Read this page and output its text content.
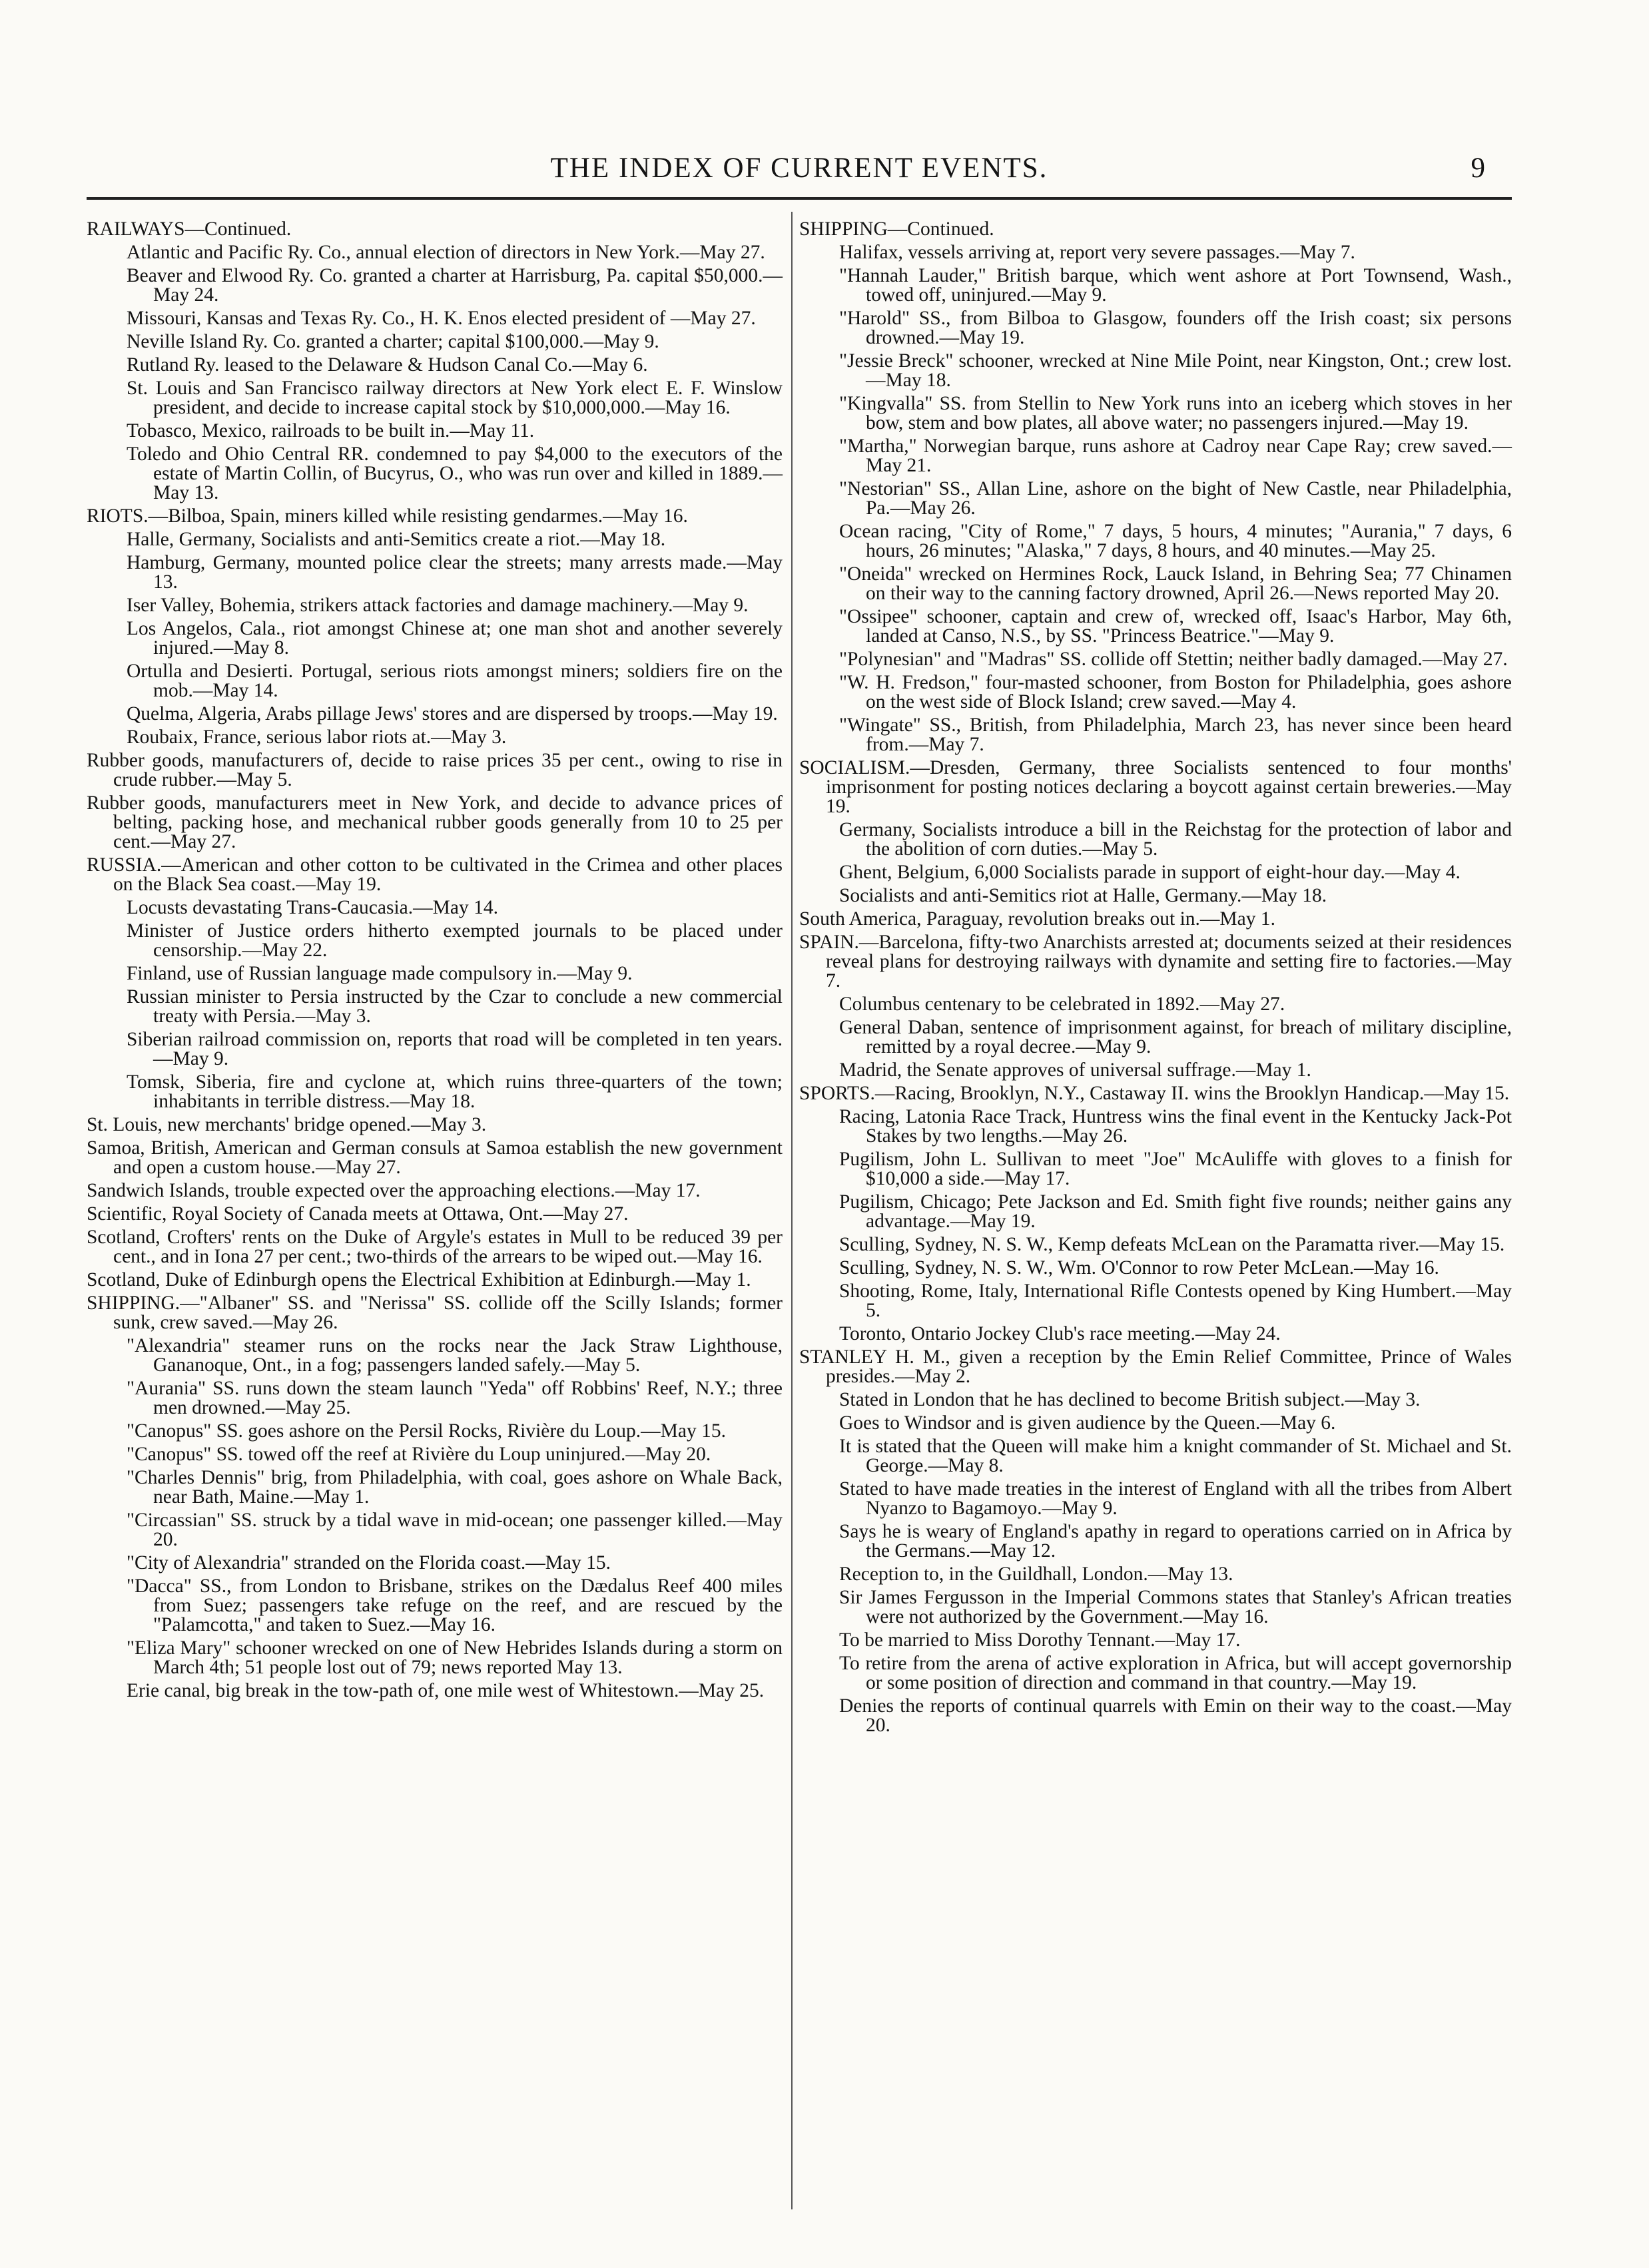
THE INDEX OF CURRENT EVENTS.	9
RAILWAYS—Continued.
Atlantic and Pacific Ry. Co., annual election of directors in New York.—May 27.
Beaver and Elwood Ry. Co. granted a charter at Harrisburg, Pa. capital $50,000.—May 24.
Missouri, Kansas and Texas Ry. Co., H. K. Enos elected president of —May 27.
Neville Island Ry. Co. granted a charter; capital $100,000.—May 9.
Rutland Ry. leased to the Delaware & Hudson Canal Co.—May 6.
St. Louis and San Francisco railway directors at New York elect E. F. Winslow president, and decide to increase capital stock by $10,000,000.—May 16.
Tobasco, Mexico, railroads to be built in.—May 11.
Toledo and Ohio Central RR. condemned to pay $4,000 to the executors of the estate of Martin Collin, of Bucyrus, O., who was run over and killed in 1889.—May 13.
RIOTS.—Bilboa, Spain, miners killed while resisting gendarmes.—May 16.
Halle, Germany, Socialists and anti-Semitics create a riot.—May 18.
Hamburg, Germany, mounted police clear the streets; many arrests made.—May 13.
Iser Valley, Bohemia, strikers attack factories and damage machinery.—May 9.
Los Angelos, Cala., riot amongst Chinese at; one man shot and another severely injured.—May 8.
Ortulla and Desierti. Portugal, serious riots amongst miners; soldiers fire on the mob.—May 14.
Quelma, Algeria, Arabs pillage Jews' stores and are dispersed by troops.—May 19.
Roubaix, France, serious labor riots at.—May 3.
Rubber goods, manufacturers of, decide to raise prices 35 per cent., owing to rise in crude rubber.—May 5.
Rubber goods, manufacturers meet in New York, and decide to advance prices of belting, packing hose, and mechanical rubber goods generally from 10 to 25 per cent.—May 27.
RUSSIA.—American and other cotton to be cultivated in the Crimea and other places on the Black Sea coast.—May 19.
Locusts devastating Trans-Caucasia.—May 14.
Minister of Justice orders hitherto exempted journals to be placed under censorship.—May 22.
Finland, use of Russian language made compulsory in.—May 9.
Russian minister to Persia instructed by the Czar to conclude a new commercial treaty with Persia.—May 3.
Siberian railroad commission on, reports that road will be completed in ten years.—May 9.
Tomsk, Siberia, fire and cyclone at, which ruins three-quarters of the town; inhabitants in terrible distress.—May 18.
St. Louis, new merchants' bridge opened.—May 3.
Samoa, British, American and German consuls at Samoa establish the new government and open a custom house.—May 27.
Sandwich Islands, trouble expected over the approaching elections.—May 17.
Scientific, Royal Society of Canada meets at Ottawa, Ont.—May 27.
Scotland, Crofters' rents on the Duke of Argyle's estates in Mull to be reduced 39 per cent., and in Iona 27 per cent.; two-thirds of the arrears to be wiped out.—May 16.
Scotland, Duke of Edinburgh opens the Electrical Exhibition at Edinburgh.—May 1.
SHIPPING.—"Albaner" SS. and "Nerissa" SS. collide off the Scilly Islands; former sunk, crew saved.—May 26.
"Alexandria" steamer runs on the rocks near the Jack Straw Lighthouse, Gananoque, Ont., in a fog; passengers landed safely.—May 5.
"Aurania" SS. runs down the steam launch "Yeda" off Robbins' Reef, N.Y.; three men drowned.—May 25.
"Canopus" SS. goes ashore on the Persil Rocks, Rivière du Loup.—May 15.
"Canopus" SS. towed off the reef at Rivière du Loup uninjured.—May 20.
"Charles Dennis" brig, from Philadelphia, with coal, goes ashore on Whale Back, near Bath, Maine.—May 1.
"Circassian" SS. struck by a tidal wave in mid-ocean; one passenger killed.—May 20.
"City of Alexandria" stranded on the Florida coast.—May 15.
"Dacca" SS., from London to Brisbane, strikes on the Dædalus Reef 400 miles from Suez; passengers take refuge on the reef, and are rescued by the "Palamcotta," and taken to Suez.—May 16.
"Eliza Mary" schooner wrecked on one of New Hebrides Islands during a storm on March 4th; 51 people lost out of 79; news reported May 13.
Erie canal, big break in the tow-path of, one mile west of Whitestown.—May 25.
SHIPPING—Continued.
Halifax, vessels arriving at, report very severe passages.—May 7.
"Hannah Lauder," British barque, which went ashore at Port Townsend, Wash., towed off, uninjured.—May 9.
"Harold" SS., from Bilboa to Glasgow, founders off the Irish coast; six persons drowned.—May 19.
"Jessie Breck" schooner, wrecked at Nine Mile Point, near Kingston, Ont.; crew lost.—May 18.
"Kingvalla" SS. from Stellin to New York runs into an iceberg which stoves in her bow, stem and bow plates, all above water; no passengers injured.—May 19.
"Martha," Norwegian barque, runs ashore at Cadroy near Cape Ray; crew saved.—May 21.
"Nestorian" SS., Allan Line, ashore on the bight of New Castle, near Philadelphia, Pa.—May 26.
Ocean racing, "City of Rome," 7 days, 5 hours, 4 minutes; "Aurania," 7 days, 6 hours, 26 minutes; "Alaska," 7 days, 8 hours, and 40 minutes.—May 25.
"Oneida" wrecked on Hermines Rock, Lauck Island, in Behring Sea; 77 Chinamen on their way to the canning factory drowned, April 26.—News reported May 20.
"Ossipee" schooner, captain and crew of, wrecked off, Isaac's Harbor, May 6th, landed at Canso, N.S., by SS. "Princess Beatrice."—May 9.
"Polynesian" and "Madras" SS. collide off Stettin; neither badly damaged.—May 27.
"W. H. Fredson," four-masted schooner, from Boston for Philadelphia, goes ashore on the west side of Block Island; crew saved.—May 4.
"Wingate" SS., British, from Philadelphia, March 23, has never since been heard from.—May 7.
SOCIALISM.—Dresden, Germany, three Socialists sentenced to four months' imprisonment for posting notices declaring a boycott against certain breweries.—May 19.
Germany, Socialists introduce a bill in the Reichstag for the protection of labor and the abolition of corn duties.—May 5.
Ghent, Belgium, 6,000 Socialists parade in support of eight-hour day.—May 4.
Socialists and anti-Semitics riot at Halle, Germany.—May 18.
South America, Paraguay, revolution breaks out in.—May 1.
SPAIN.—Barcelona, fifty-two Anarchists arrested at; documents seized at their residences reveal plans for destroying railways with dynamite and setting fire to factories.—May 7.
Columbus centenary to be celebrated in 1892.—May 27.
General Daban, sentence of imprisonment against, for breach of military discipline, remitted by a royal decree.—May 9.
Madrid, the Senate approves of universal suffrage.—May 1.
SPORTS.—Racing, Brooklyn, N.Y., Castaway II. wins the Brooklyn Handicap.—May 15.
Racing, Latonia Race Track, Huntress wins the final event in the Kentucky Jack-Pot Stakes by two lengths.—May 26.
Pugilism, John L. Sullivan to meet "Joe" McAuliffe with gloves to a finish for $10,000 a side.—May 17.
Pugilism, Chicago; Pete Jackson and Ed. Smith fight five rounds; neither gains any advantage.—May 19.
Sculling, Sydney, N. S. W., Kemp defeats McLean on the Paramatta river.—May 15.
Sculling, Sydney, N. S. W., Wm. O'Connor to row Peter McLean.—May 16.
Shooting, Rome, Italy, International Rifle Contests opened by King Humbert.—May 5.
Toronto, Ontario Jockey Club's race meeting.—May 24.
STANLEY H. M., given a reception by the Emin Relief Committee, Prince of Wales presides.—May 2.
Stated in London that he has declined to become British subject.—May 3.
Goes to Windsor and is given audience by the Queen.—May 6.
It is stated that the Queen will make him a knight commander of St. Michael and St. George.—May 8.
Stated to have made treaties in the interest of England with all the tribes from Albert Nyanzo to Bagamoyo.—May 9.
Says he is weary of England's apathy in regard to operations carried on in Africa by the Germans.—May 12.
Reception to, in the Guildhall, London.—May 13.
Sir James Fergusson in the Imperial Commons states that Stanley's African treaties were not authorized by the Government.—May 16.
To be married to Miss Dorothy Tennant.—May 17.
To retire from the arena of active exploration in Africa, but will accept governorship or some position of direction and command in that country.—May 19.
Denies the reports of continual quarrels with Emin on their way to the coast.—May 20.
